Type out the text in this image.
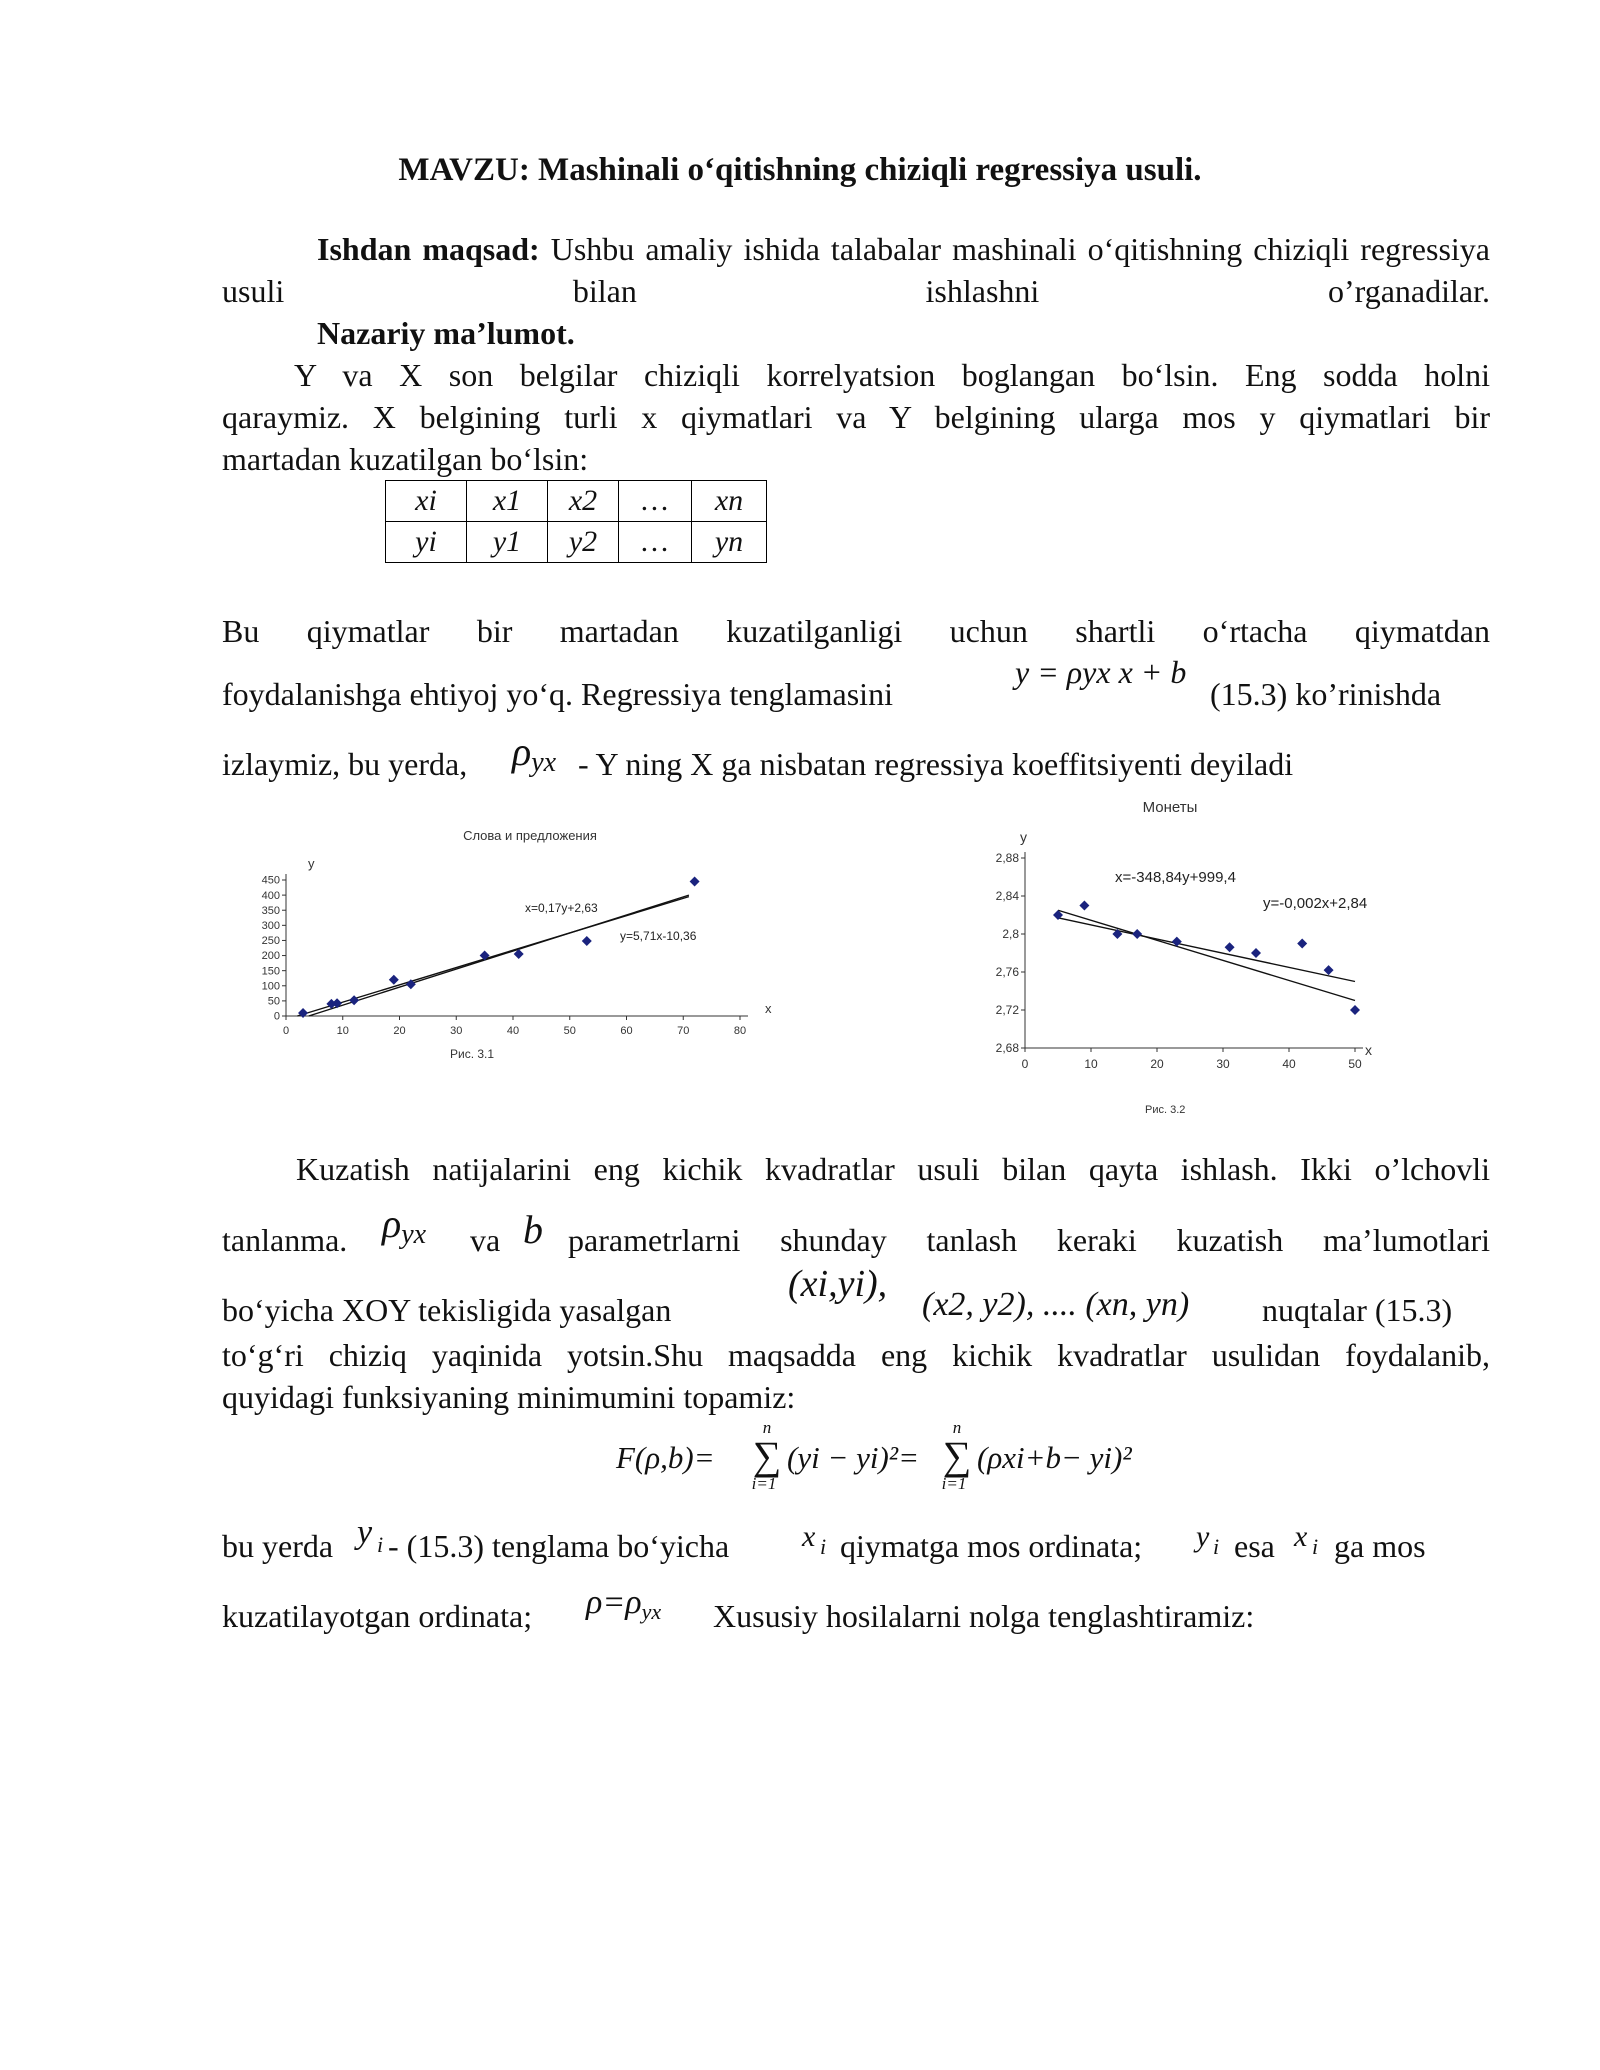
MAVZU: Mashinali o‘qitishning chiziqli regressiya usuli.
Ishdan maqsad: Ushbu amaliy ishida talabalar mashinali o‘qitishning chiziqli regressiya usuli bilan ishlashni o’rganadilar.
Nazariy ma’lumot.
Y va X son belgilar chiziqli korrelyatsion boglangan bo‘lsin. Eng sodda holni
qaraymiz. X belgining turli x qiymatlari va Y belgining ularga mos y qiymatlari bir
martadan kuzatilgan bo‘lsin:
xi	x1	x2	…	xn
yi	y1	y2	…	yn
Bu qiymatlar bir martadan kuzatilganligi uchun shartli o‘rtacha qiymatdan
foydalanishga ehtiyoj yo‘q. Regressiya tenglamasini
y = ρyx x + b
(15.3) ko’rinishda
izlaymiz, bu yerda, ρyx - Y ning X ga nisbatan regressiya koeffitsiyenti deyiladi
Слова и предложения
y
x
Рис. 3.1
0	10	20	30	40	50	60	70	80
0
50
100
150
200
250
300
350
400
450
x=0,17y+2,63
y=5,71x-10,36
Монеты
y
x
Рис. 3.2
0	10	20	30	40	50
2,68
2,72
2,76
2,8
2,84
2,88
x=-348,84y+999,4
y=-0,002x+2,84
Kuzatish natijalarini eng kichik kvadratlar usuli bilan qayta ishlash. Ikki o’lchovli
tanlanma. ρyx va b parametrlarni shunday tanlash keraki kuzatish ma’lumotlari
bo‘yicha XOY tekisligida yasalgan
(xi,yi), (x2, y2), .... (xn, yn) nuqtalar (15.3)
to‘g‘ri chiziq yaqinida yotsin.Shu maqsadda eng kichik kvadratlar usulidan foydalanib,
quyidagi funksiyaning minimumini topamiz:
F(ρ,b)=
n
∑
i=1
(yi − yi)²=
n
∑
i=1
(ρxi+b− yi)²
bu yerda y i - (15.3) tenglama bo‘yicha x i qiymatga mos ordinata; y i esa x i ga mos
kuzatilayotgan ordinata; $\rho=\rho_{yx}$ Xususiy hosilalarni nolga tenglashtiramiz:
